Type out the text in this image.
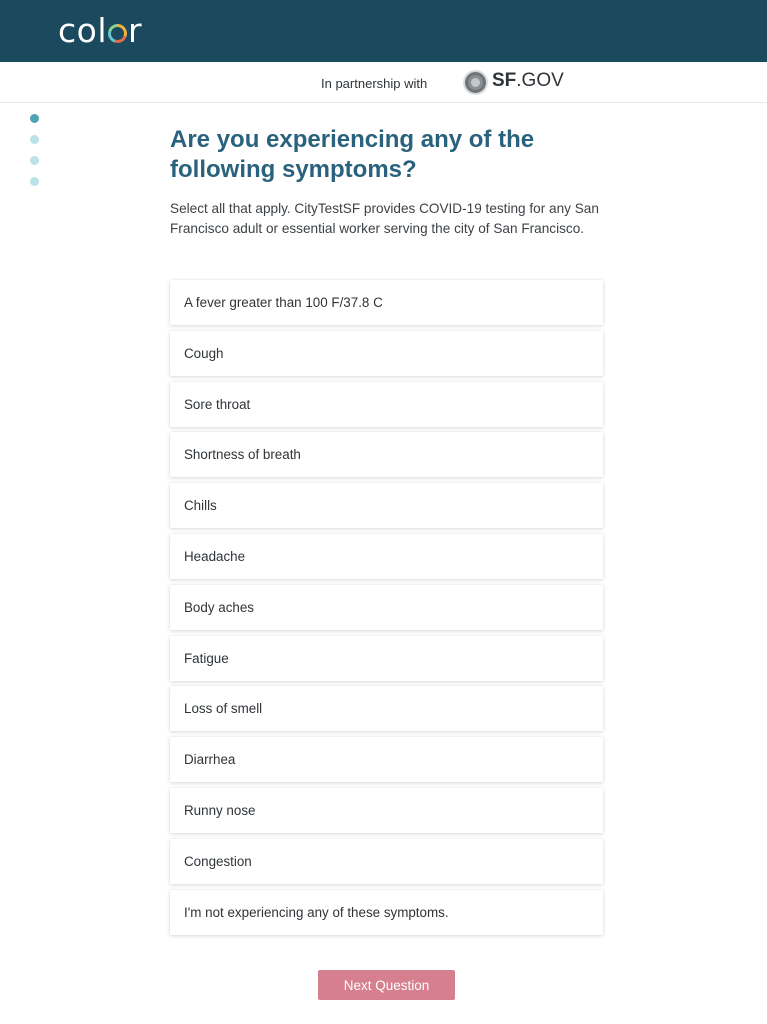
col r
In partnership with	SF.GOV
Are you experiencing any of the following symptoms?

Select all that apply. CityTestSF provides COVID-19 testing for any San Francisco adult or essential worker serving the city of San Francisco.

A fever greater than 100 F/37.8 C
Cough
Sore throat
Shortness of breath
Chills
Headache
Body aches
Fatigue
Loss of smell
Diarrhea
Runny nose
Congestion
I'm not experiencing any of these symptoms.
Next Question
